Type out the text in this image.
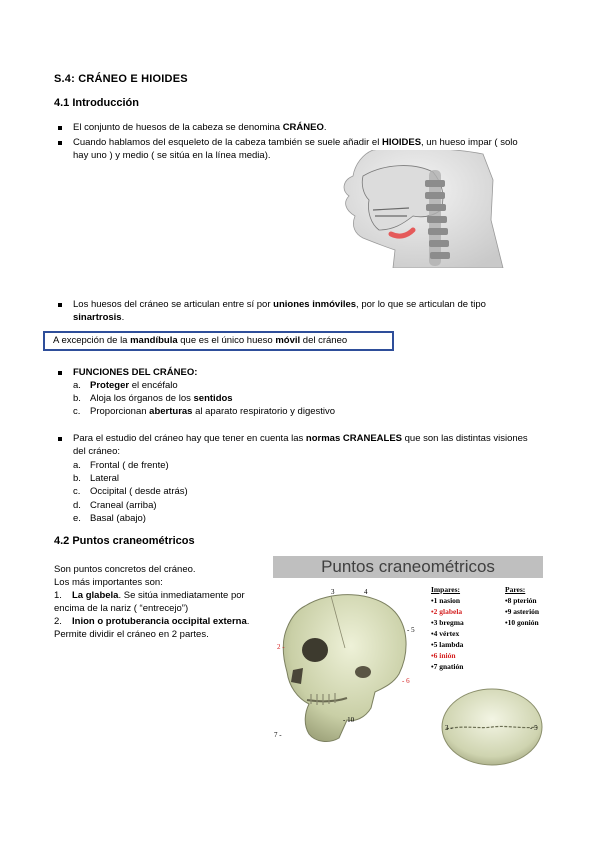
S.4: CRÁNEO E HIOIDES
4.1 Introducción
El conjunto de huesos de la cabeza se denomina CRÁNEO.
Cuando hablamos del esqueleto de la cabeza también se suele añadir el HIOIDES, un hueso impar ( solo
hay uno ) y medio ( se sitúa en la línea media).
Los huesos del cráneo se articulan entre sí por uniones inmóviles, por lo que se articulan de tipo
sinartrosis.
A excepción de la mandíbula que es el único hueso móvil del cráneo
FUNCIONES DEL CRÁNEO:
a. Proteger el encéfalo
b. Aloja los órganos de los sentidos
c. Proporcionan aberturas al aparato respiratorio y digestivo
Para el estudio del cráneo hay que tener en cuenta las normas CRANEALES que son las distintas visiones
del cráneo:
a. Frontal ( de frente)
b. Lateral
c. Occipital ( desde atrás)
d. Craneal (arriba)
e. Basal (abajo)
4.2 Puntos craneométricos
Son puntos concretos del cráneo.
Los más importantes son:
1. La glabela. Se sitúa inmediatamente por
encima de la nariz ( “entrecejo”)
2. Inion o protuberancia occipital externa.
Permite dividir el cráneo en 2 partes.
Puntos craneométricos
3	4
- 5
2 -
- 6
- 10
7 -
Impares:
•1 nasion
•2 glabela
•3 bregma
•4 vértex
•5 lambda
•6 inión
•7 gnatión
Pares:
•8 pterión
•9 asterión
•10 gonión
3 -	- 5
